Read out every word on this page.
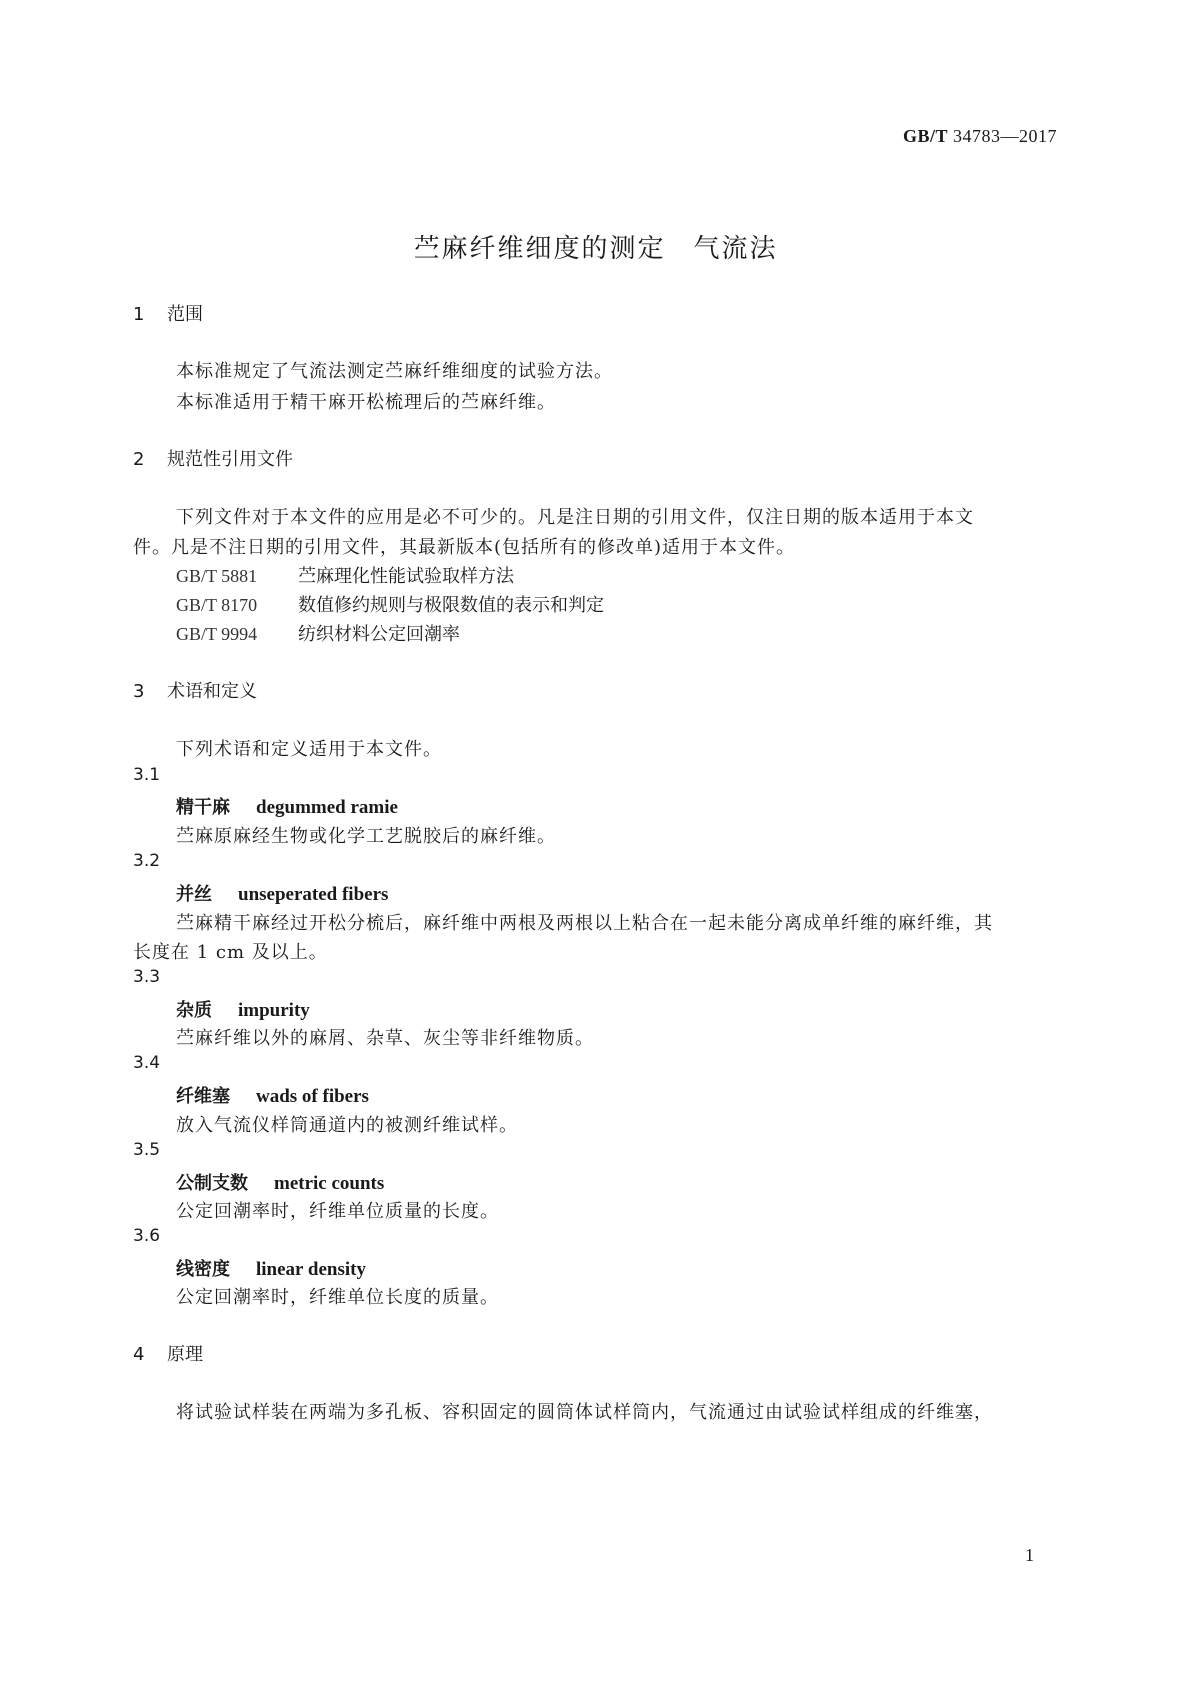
GB/T 34783—2017
苎麻纤维细度的测定　气流法
1 范围
本标准规定了气流法测定苎麻纤维细度的试验方法。
本标准适用于精干麻开松梳理后的苎麻纤维。
2 规范性引用文件
下列文件对于本文件的应用是必不可少的。凡是注日期的引用文件，仅注日期的版本适用于本文
件。凡是不注日期的引用文件，其最新版本(包括所有的修改单)适用于本文件。
GB/T 5881 苎麻理化性能试验取样方法
GB/T 8170 数值修约规则与极限数值的表示和判定
GB/T 9994 纺织材料公定回潮率
3 术语和定义
下列术语和定义适用于本文件。
3.1
精干麻 degummed ramie
苎麻原麻经生物或化学工艺脱胶后的麻纤维。
3.2
并丝 unseperated fibers
苎麻精干麻经过开松分梳后，麻纤维中两根及两根以上粘合在一起未能分离成单纤维的麻纤维，其
长度在 1 cm 及以上。
3.3
杂质 impurity
苎麻纤维以外的麻屑、杂草、灰尘等非纤维物质。
3.4
纤维塞 wads of fibers
放入气流仪样筒通道内的被测纤维试样。
3.5
公制支数 metric counts
公定回潮率时，纤维单位质量的长度。
3.6
线密度 linear density
公定回潮率时，纤维单位长度的质量。
4 原理
将试验试样装在两端为多孔板、容积固定的圆筒体试样筒内，气流通过由试验试样组成的纤维塞，
1
